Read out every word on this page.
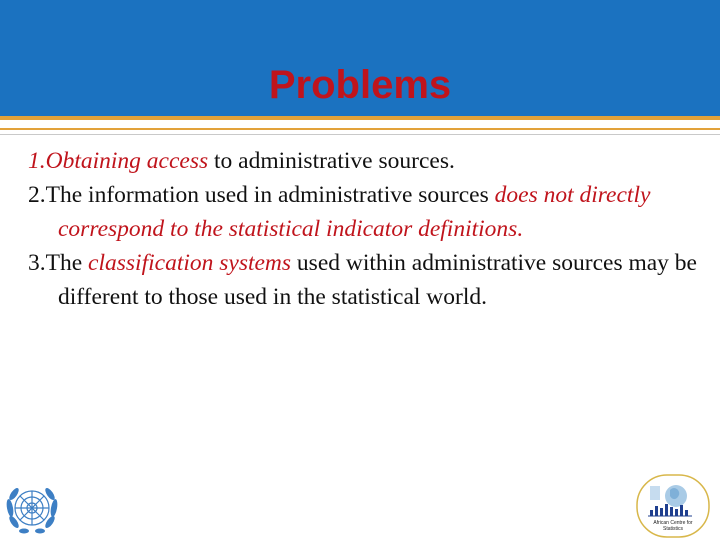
Problems
1.Obtaining access to administrative sources.
2.The information used in administrative sources does not directly correspond to the statistical indicator definitions.
3.The classification systems used within administrative sources may be different to those used in the statistical world.
African Centre for
Statistics
